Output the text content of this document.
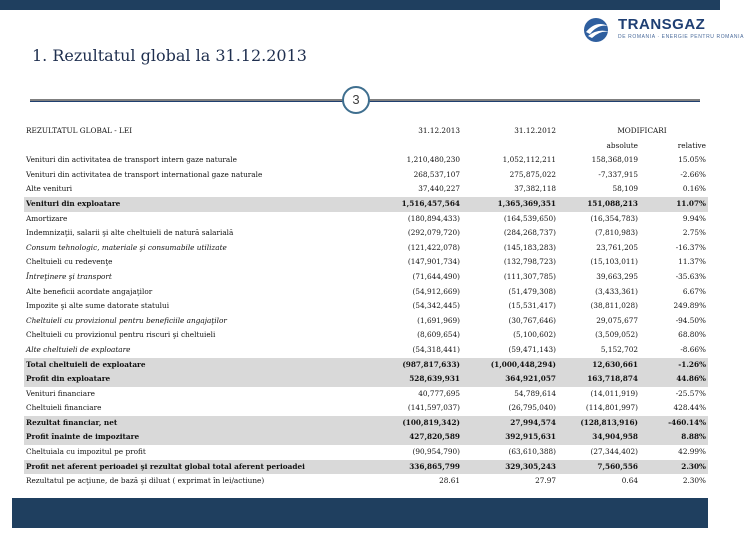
TRANSGAZ
DE ROMANIA · ENERGIE PENTRU ROMANIA
1. Rezultatul global la 31.12.2013
3
REZULTATUL GLOBAL - LEI	31.12.2013	31.12.2012	MODIFICARI	
			absolute	relative
Venituri din activitatea de transport intern gaze naturale	1,210,480,230	1,052,112,211	158,368,019	15.05%
Venituri din activitatea de transport international gaze naturale	268,537,107	275,875,022	-7,337,915	-2.66%
Alte venituri	37,440,227	37,382,118	58,109	0.16%
Venituri din exploatare	1,516,457,564	1,365,369,351	151,088,213	11.07%
Amortizare	(180,894,433)	(164,539,650)	(16,354,783)	9.94%
Indemnizaţii, salarii şi alte cheltuieli de natură salarială	(292,079,720)	(284,268,737)	(7,810,983)	2.75%
Consum tehnologic, materiale şi consumabile utilizate	(121,422,078)	(145,183,283)	23,761,205	-16.37%
Cheltuieli cu redevenţe	(147,901,734)	(132,798,723)	(15,103,011)	11.37%
Întreţinere şi transport	(71,644,490)	(111,307,785)	39,663,295	-35.63%
Alte beneficii acordate angajaţilor	(54,912,669)	(51,479,308)	(3,433,361)	6.67%
Impozite şi alte sume datorate statului	(54,342,445)	(15,531,417)	(38,811,028)	249.89%
Cheltuieli cu provizionul pentru beneficiile angajaţilor	(1,691,969)	(30,767,646)	29,075,677	-94.50%
Cheltuieli cu provizionul pentru riscuri şi cheltuieli	(8,609,654)	(5,100,602)	(3,509,052)	68.80%
Alte cheltuieli de exploatare	(54,318,441)	(59,471,143)	5,152,702	-8.66%
Total cheltuieli de exploatare	(987,817,633)	(1,000,448,294)	12,630,661	-1.26%
Profit din exploatare	528,639,931	364,921,057	163,718,874	44.86%
Venituri financiare	40,777,695	54,789,614	(14,011,919)	-25.57%
Cheltuieli financiare	(141,597,037)	(26,795,040)	(114,801,997)	428.44%
Rezultat financiar, net	(100,819,342)	27,994,574	(128,813,916)	-460.14%
Profit înainte de impozitare	427,820,589	392,915,631	34,904,958	8.88%
Cheltuiala cu impozitul pe profit	(90,954,790)	(63,610,388)	(27,344,402)	42.99%
Profit net aferent perioadei şi rezultat global total aferent perioadei	336,865,799	329,305,243	7,560,556	2.30%
Rezultatul pe acţiune, de bază şi diluat ( exprimat în lei/actiune)	28.61	27.97	0.64	2.30%
